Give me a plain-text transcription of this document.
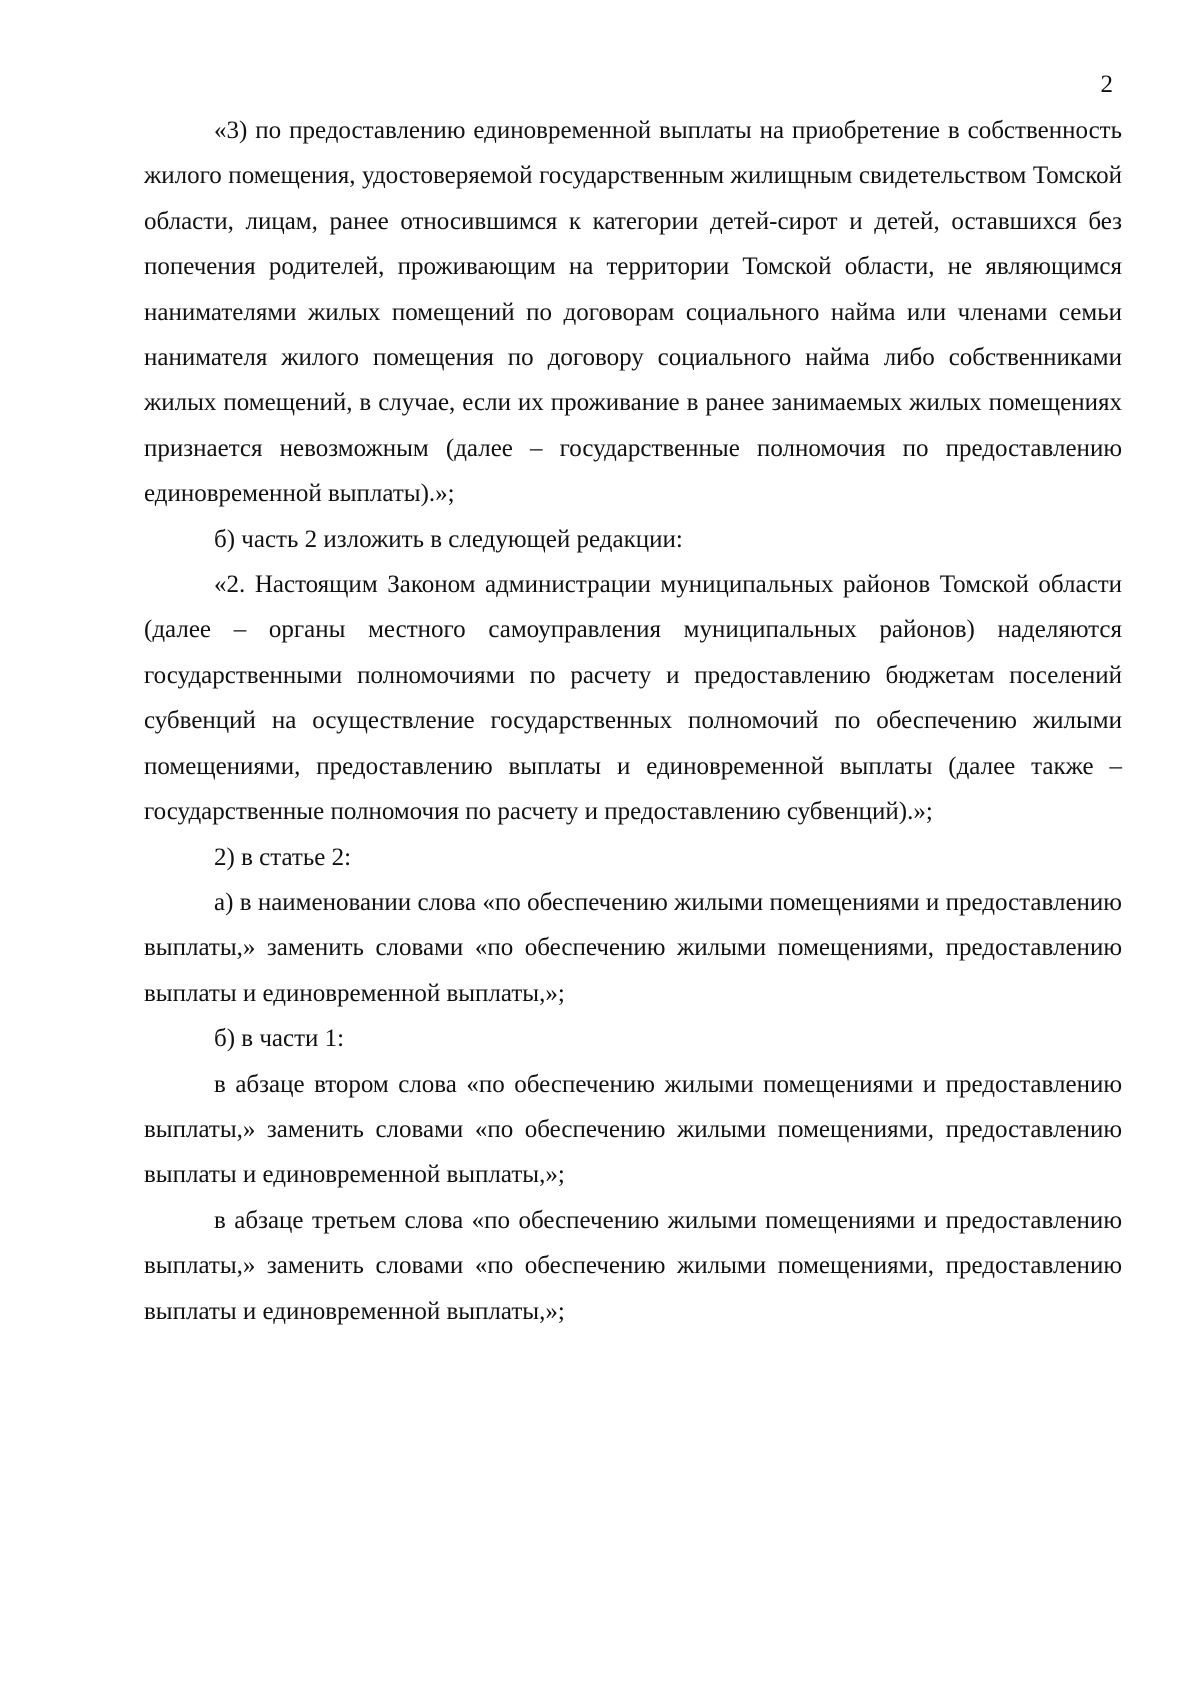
2

«3) по предоставлению единовременной выплаты на приобретение в собственность жилого помещения, удостоверяемой государственным жилищным свидетельством Томской области, лицам, ранее относившимся к категории детей-сирот и детей, оставшихся без попечения родителей, проживающим на территории Томской области, не являющимся нанимателями жилых помещений по договорам социального найма или членами семьи нанимателя жилого помещения по договору социального найма либо собственниками жилых помещений, в случае, если их проживание в ранее занимаемых жилых помещениях признается невозможным (далее – государственные полномочия по предоставлению единовременной выплаты).»;

б) часть 2 изложить в следующей редакции:

«2. Настоящим Законом администрации муниципальных районов Томской области (далее – органы местного самоуправления муниципальных районов) наделяются государственными полномочиями по расчету и предоставлению бюджетам поселений субвенций на осуществление государственных полномочий по обеспечению жилыми помещениями, предоставлению выплаты и единовременной выплаты (далее также – государственные полномочия по расчету и предоставлению субвенций).»;

2) в статье 2:

а) в наименовании слова «по обеспечению жилыми помещениями и предоставлению выплаты,» заменить словами «по обеспечению жилыми помещениями, предоставлению выплаты и единовременной выплаты,»;

б) в части 1:

в абзаце втором слова «по обеспечению жилыми помещениями и предоставлению выплаты,» заменить словами «по обеспечению жилыми помещениями, предоставлению выплаты и единовременной выплаты,»;

в абзаце третьем слова «по обеспечению жилыми помещениями и предоставлению выплаты,» заменить словами «по обеспечению жилыми помещениями, предоставлению выплаты и единовременной выплаты,»;
